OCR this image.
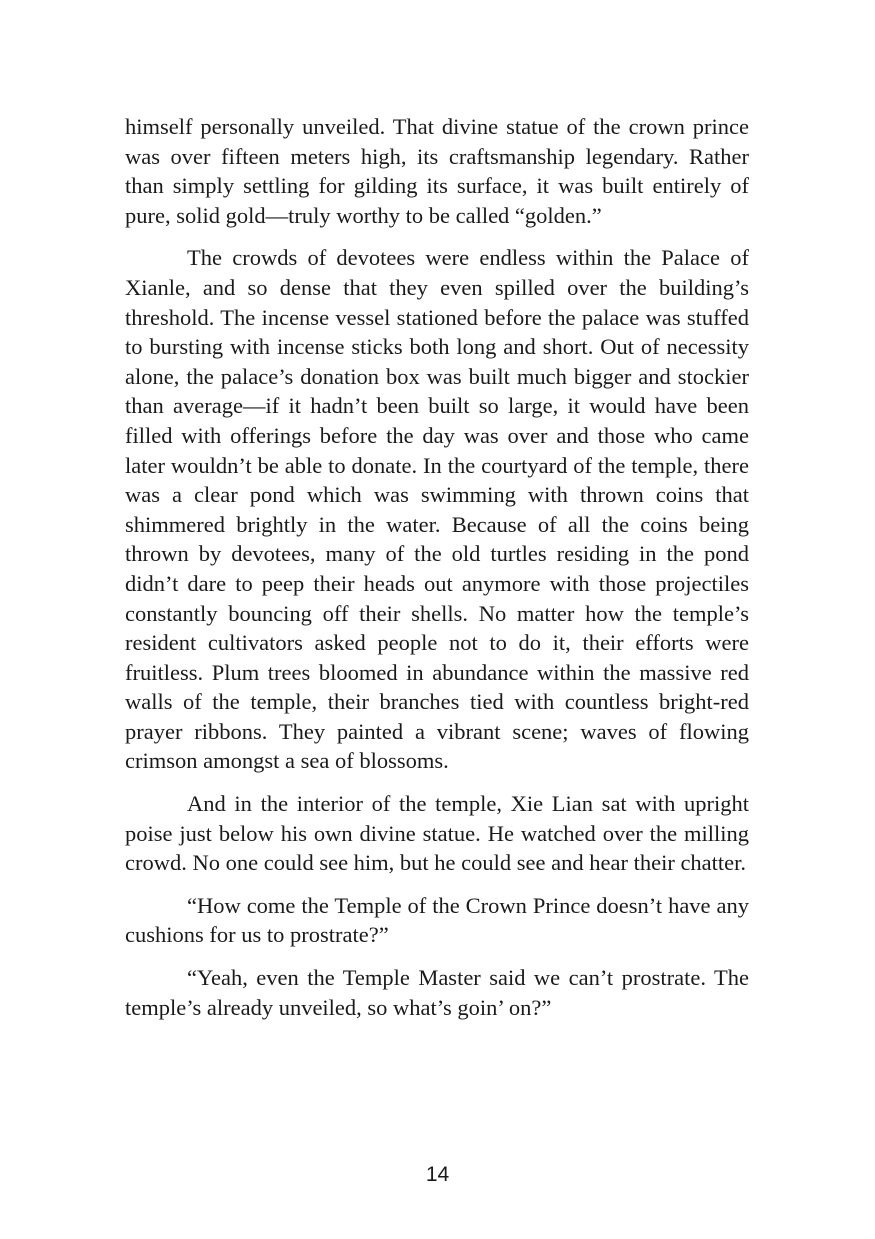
himself personally unveiled. That divine statue of the crown prince was over fifteen meters high, its craftsmanship legendary. Rather than simply settling for gilding its surface, it was built entirely of pure, solid gold—truly worthy to be called “golden.”

The crowds of devotees were endless within the Palace of Xianle, and so dense that they even spilled over the building’s threshold. The incense vessel stationed before the palace was stuffed to bursting with incense sticks both long and short. Out of necessity alone, the palace’s donation box was built much bigger and stockier than average—if it hadn’t been built so large, it would have been filled with offerings before the day was over and those who came later wouldn’t be able to donate. In the courtyard of the temple, there was a clear pond which was swimming with thrown coins that shimmered brightly in the water. Because of all the coins being thrown by devotees, many of the old turtles residing in the pond didn’t dare to peep their heads out anymore with those projectiles constantly bouncing off their shells. No matter how the temple’s resident cultivators asked people not to do it, their efforts were fruitless. Plum trees bloomed in abundance within the massive red walls of the temple, their branches tied with countless bright-red prayer ribbons. They painted a vibrant scene; waves of flowing crimson amongst a sea of blossoms.

And in the interior of the temple, Xie Lian sat with upright poise just below his own divine statue. He watched over the milling crowd. No one could see him, but he could see and hear their chatter.

“How come the Temple of the Crown Prince doesn’t have any cushions for us to prostrate?”

“Yeah, even the Temple Master said we can’t prostrate. The temple’s already unveiled, so what’s goin’ on?”

14
